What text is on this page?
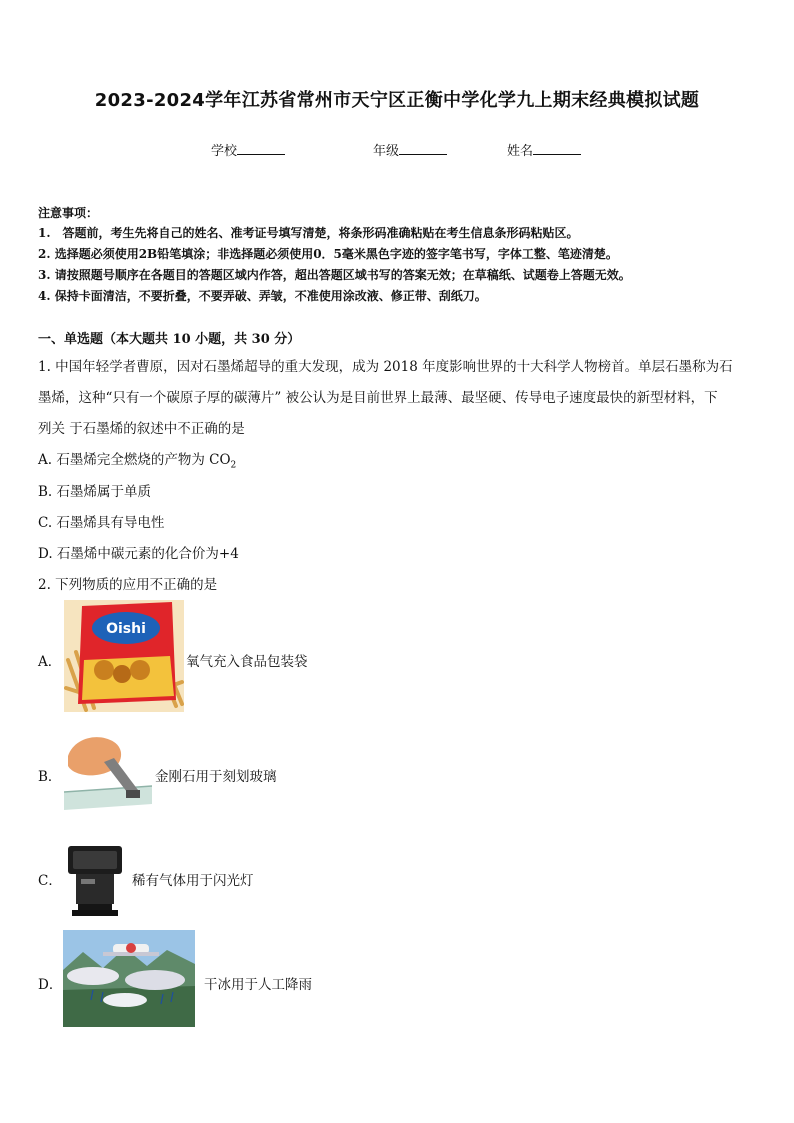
2023-2024学年江苏省常州市天宁区正衡中学化学九上期末经典模拟试题
学校	年级	姓名
注意事项：
1.　答题前，考生先将自己的姓名、准考证号填写清楚，将条形码准确粘贴在考生信息条形码粘贴区。
2. 选择题必须使用2B铅笔填涂；非选择题必须使用0．5毫米黑色字迹的签字笔书写，字体工整、笔迹清楚。
3. 请按照题号顺序在各题目的答题区域内作答，超出答题区域书写的答案无效；在草稿纸、试题卷上答题无效。
4. 保持卡面清洁，不要折叠，不要弄破、弄皱，不准使用涂改液、修正带、刮纸刀。
一、单选题（本大题共 10 小题，共 30 分）
1. 中国年轻学者曹原，因对石墨烯超导的重大发现，成为 2018 年度影响世界的十大科学人物榜首。单层石墨称为石
墨烯，这种“只有一个碳原子厚的碳薄片” 被公认为是目前世界上最薄、最坚硬、传导电子速度最快的新型材料，下
列关 于石墨烯的叙述中不正确的是
A. 石墨烯完全燃烧的产物为 $CO_2$
B. 石墨烯属于单质
C. 石墨烯具有导电性
D. 石墨烯中碳元素的化合价为+4
2. 下列物质的应用不正确的是
A．
Oishi
氧气充入食品包装袋
B．	金刚石用于刻划玻璃
C．	稀有气体用于闪光灯
D．	干冰用于人工降雨
